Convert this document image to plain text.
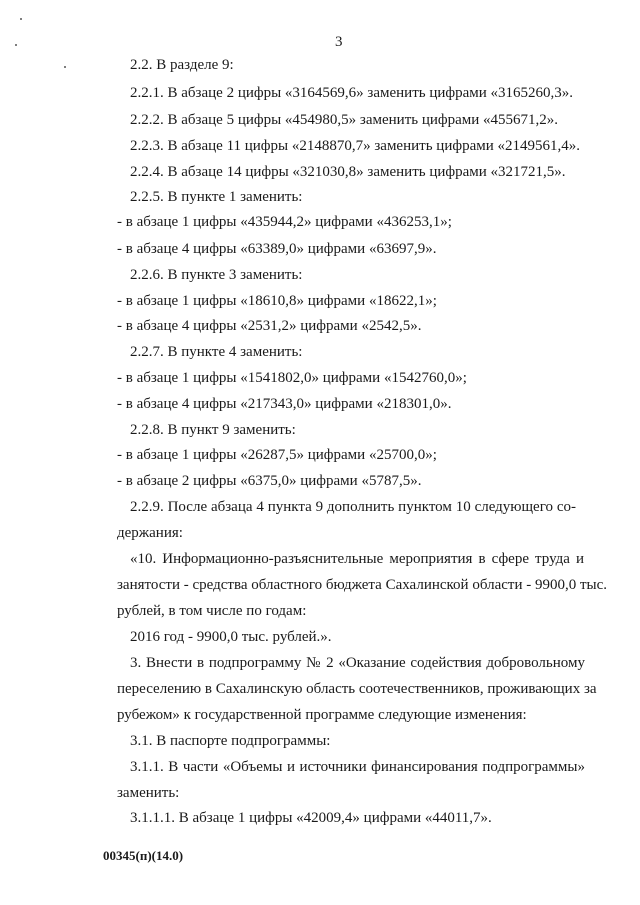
3
2.2. В разделе 9:
2.2.1. В абзаце 2 цифры «3164569,6» заменить цифрами «3165260,3».
2.2.2. В абзаце 5 цифры «454980,5» заменить цифрами «455671,2».
2.2.3. В абзаце 11 цифры «2148870,7» заменить цифрами «2149561,4».
2.2.4. В абзаце 14 цифры «321030,8» заменить цифрами «321721,5».
2.2.5. В пункте 1 заменить:
- в абзаце 1 цифры «435944,2» цифрами «436253,1»;
- в абзаце 4 цифры «63389,0» цифрами «63697,9».
2.2.6. В пункте 3 заменить:
- в абзаце 1 цифры «18610,8» цифрами «18622,1»;
- в абзаце 4 цифры «2531,2» цифрами «2542,5».
2.2.7. В пункте 4 заменить:
- в абзаце 1 цифры «1541802,0» цифрами «1542760,0»;
- в абзаце 4 цифры «217343,0» цифрами «218301,0».
2.2.8. В пункт 9 заменить:
- в абзаце 1 цифры «26287,5» цифрами «25700,0»;
- в абзаце 2 цифры «6375,0» цифрами «5787,5».
2.2.9. После абзаца 4 пункта 9 дополнить пунктом 10 следующего со-
держания:
«10. Информационно-разъяснительные мероприятия в сфере труда и
занятости - средства областного бюджета Сахалинской области - 9900,0 тыс.
рублей, в том числе по годам:
2016 год - 9900,0 тыс. рублей.».
3. Внести в подпрограмму № 2 «Оказание содействия добровольному
переселению в Сахалинскую область соотечественников, проживающих за
рубежом» к государственной программе следующие изменения:
3.1. В паспорте подпрограммы:
3.1.1. В части «Объемы и источники финансирования подпрограммы»
заменить:
3.1.1.1. В абзаце 1 цифры «42009,4» цифрами «44011,7».
00345(п)(14.0)
